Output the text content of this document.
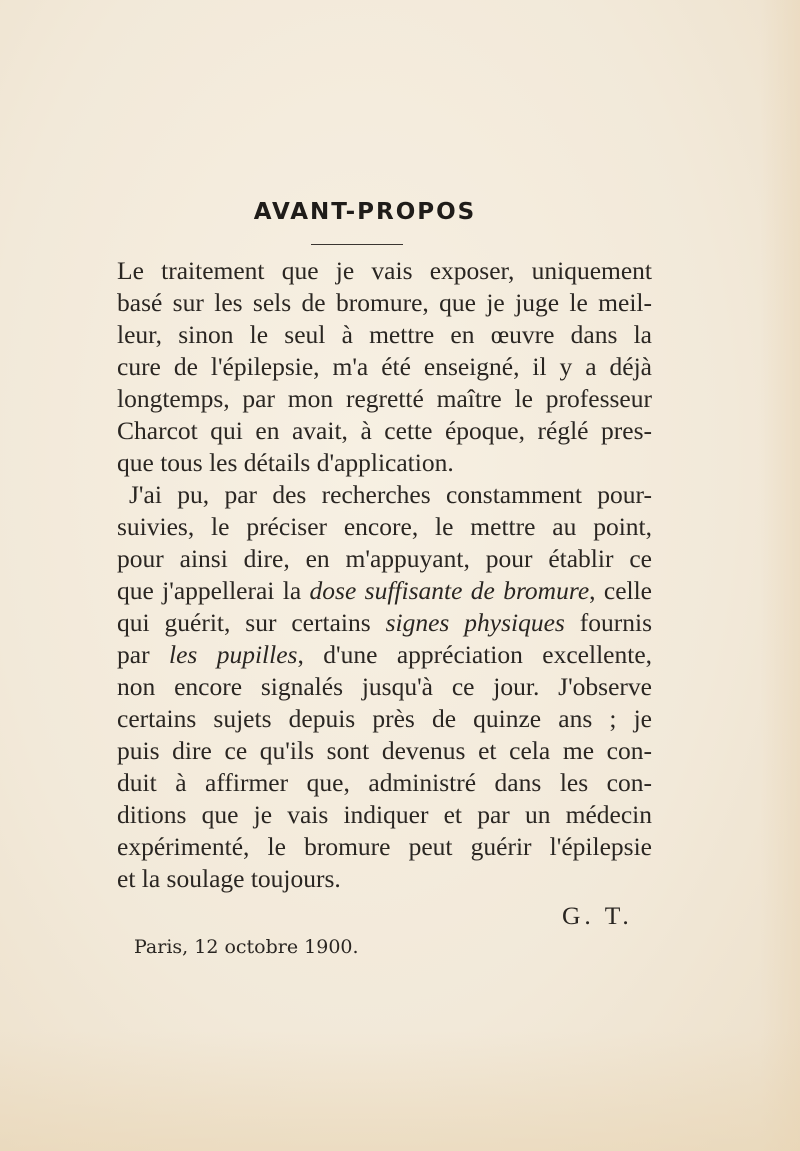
AVANT-PROPOS
Le traitement que je vais exposer, uniquement
basé sur les sels de bromure, que je juge le meil-
leur, sinon le seul à mettre en œuvre dans la
cure de l'épilepsie, m'a été enseigné, il y a déjà
longtemps, par mon regretté maître le professeur
Charcot qui en avait, à cette époque, réglé pres-
que tous les détails d'application.
J'ai pu, par des recherches constamment pour-
suivies, le préciser encore, le mettre au point,
pour ainsi dire, en m'appuyant, pour établir ce
que j'appellerai la dose suffisante de bromure, celle
qui guérit, sur certains signes physiques fournis
par les pupilles, d'une appréciation excellente,
non encore signalés jusqu'à ce jour. J'observe
certains sujets depuis près de quinze ans ; je
puis dire ce qu'ils sont devenus et cela me con-
duit à affirmer que, administré dans les con-
ditions que je vais indiquer et par un médecin
expérimenté, le bromure peut guérir l'épilepsie
et la soulage toujours.
G. T.
Paris, 12 octobre 1900.
